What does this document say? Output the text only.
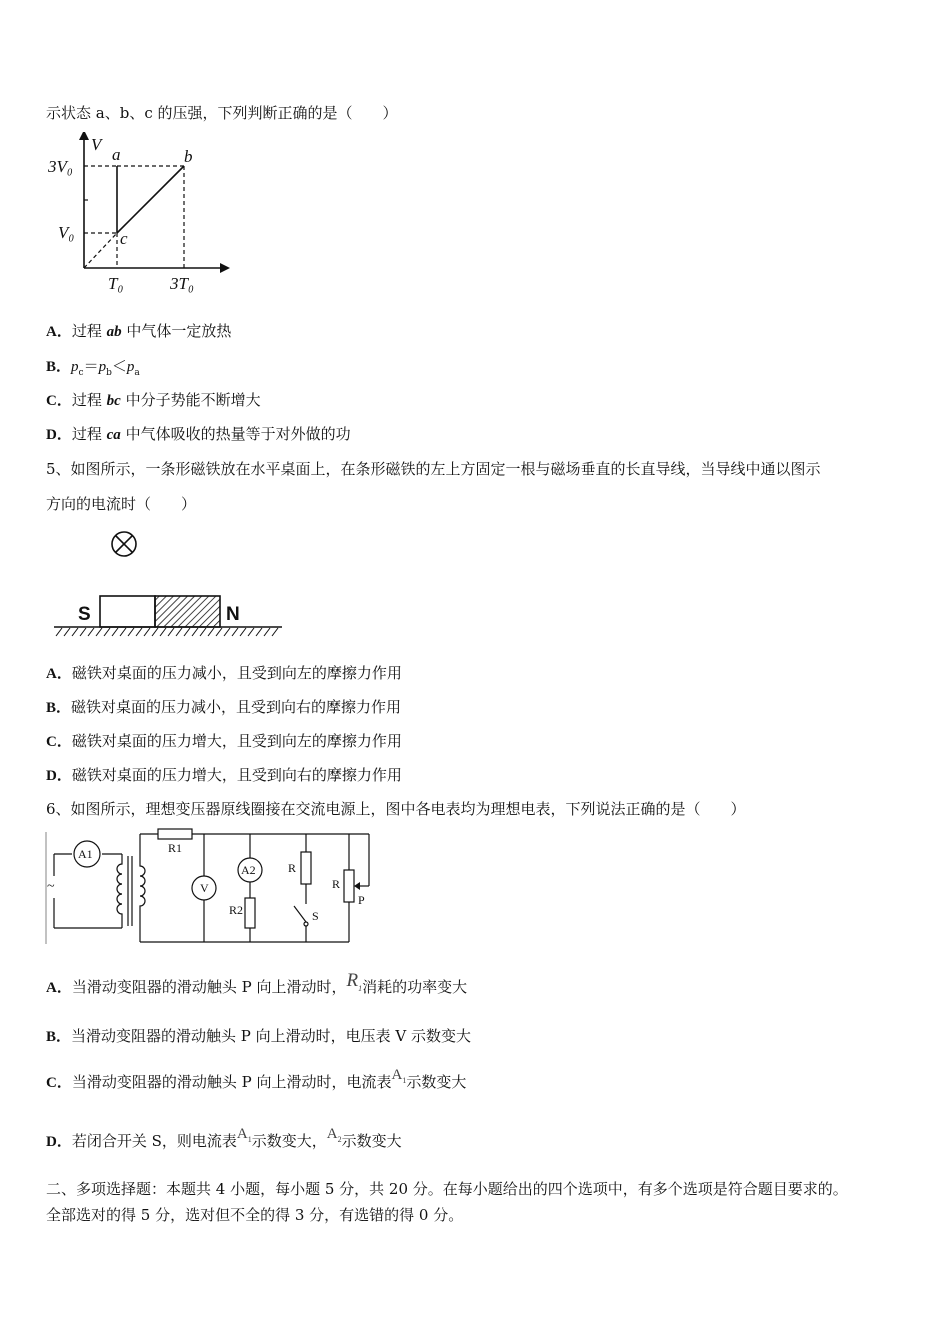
示状态 a、b、c 的压强，下列判断正确的是（　　）
V
3V₀
V₀
T₀	3T₀
a	b
c
A．过程 ab 中气体一定放热
B．
$p_c=p_b<p_a$
C．过程 bc 中分子势能不断增大
D．过程 ca 中气体吸收的热量等于对外做的功
5、如图所示，一条形磁铁放在水平桌面上，在条形磁铁的左上方固定一根与磁场垂直的长直导线，当导线中通以图示
方向的电流时（　　）
S	N
A．磁铁对桌面的压力减小，且受到向左的摩擦力作用
B．磁铁对桌面的压力减小，且受到向右的摩擦力作用
C．磁铁对桌面的压力增大，且受到向左的摩擦力作用
D．磁铁对桌面的压力增大，且受到向右的摩擦力作用
6、如图所示，理想变压器原线圈接在交流电源上，图中各电表均为理想电表，下列说法正确的是（　　）
A1
A2
V
R1
R2
R
R
S
P
~
A．当滑动变阻器的滑动触头 P 向上滑动时，$R_1$消耗的功率变大
B．当滑动变阻器的滑动触头 P 向上滑动时，电压表 V 示数变大
C．当滑动变阻器的滑动触头 P 向上滑动时，电流表$A_1$示数变大
D．若闭合开关 S，则电流表$A_1$示数变大，$A_2$示数变大
二、多项选择题：本题共 4 小题，每小题 5 分，共 20 分。在每小题给出的四个选项中，有多个选项是符合题目要求的。
全部选对的得 5 分，选对但不全的得 3 分，有选错的得 0 分。
